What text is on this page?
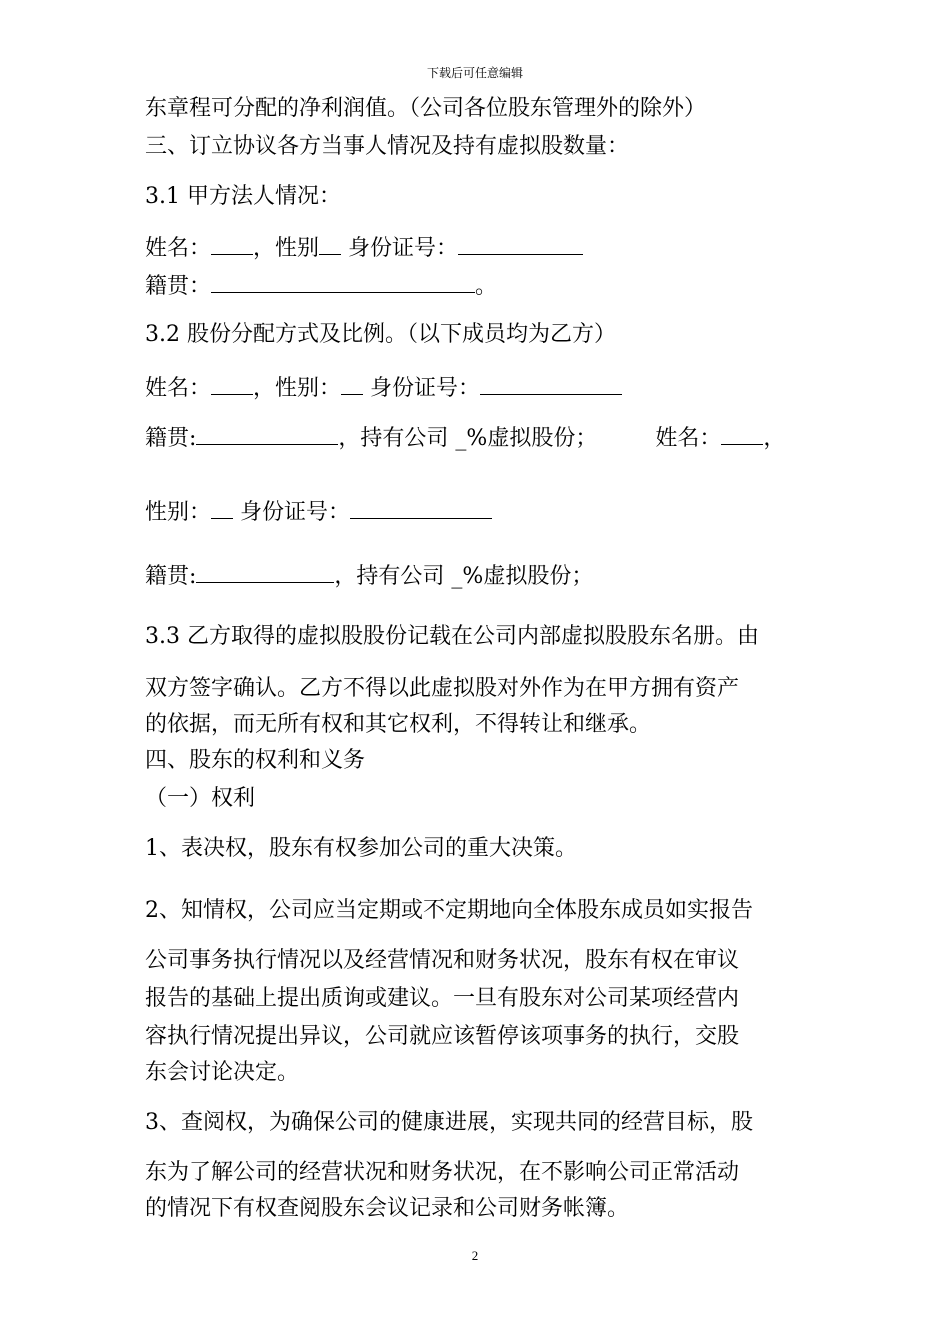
下载后可任意编辑
东章程可分配的净利润值。（公司各位股东管理外的除外）
三、订立协议各方当事人情况及持有虚拟股数量：
3.1 甲方法人情况：
姓名： ，性别 身份证号：
籍贯：	。
3.2 股份分配方式及比例。（以下成员均为乙方）
姓名： ，性别： 身份证号：
籍贯:	，持有公司 _%虚拟股份；	姓名： ，
性别： 身份证号：
籍贯:	，持有公司 _%虚拟股份；
3.3 乙方取得的虚拟股股份记载在公司内部虚拟股股东名册。由
双方签字确认。乙方不得以此虚拟股对外作为在甲方拥有资产
的依据，而无所有权和其它权利，不得转让和继承。
四、股东的权利和义务
（一）权利
1、表决权，股东有权参加公司的重大决策。
2、知情权，公司应当定期或不定期地向全体股东成员如实报告
公司事务执行情况以及经营情况和财务状况，股东有权在审议
报告的基础上提出质询或建议。一旦有股东对公司某项经营内
容执行情况提出异议，公司就应该暂停该项事务的执行，交股
东会讨论决定。
3、查阅权，为确保公司的健康进展，实现共同的经营目标，股
东为了解公司的经营状况和财务状况，在不影响公司正常活动
的情况下有权查阅股东会议记录和公司财务帐簿。
2
